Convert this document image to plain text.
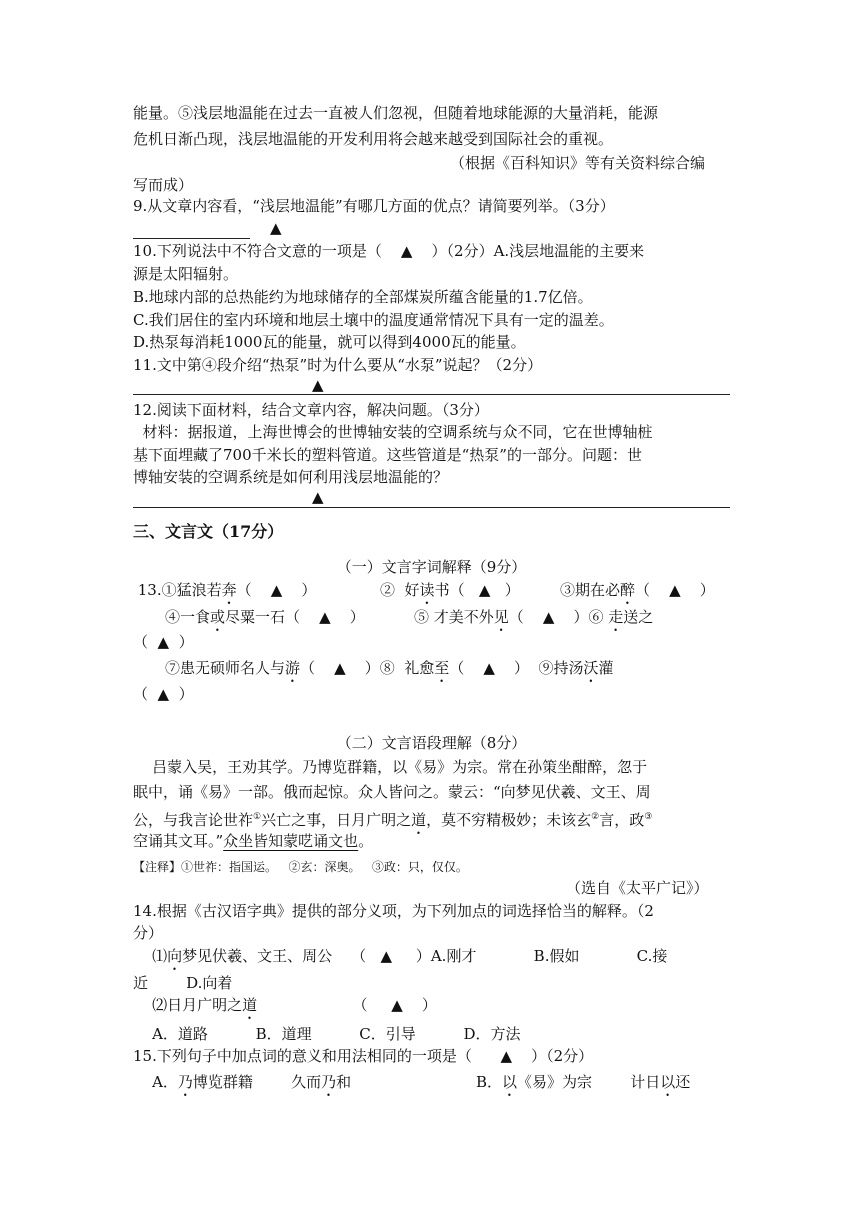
能量。⑤浅层地温能在过去一直被人们忽视，但随着地球能源的大量消耗，能源
危机日渐凸现，浅层地温能的开发利用将会越来越受到国际社会的重视。
（根据《百科知识》等有关资料综合编
写而成）
9.从文章内容看，“浅层地温能”有哪几方面的优点？请简要列举。（3分）
▲
10.下列说法中不符合文意的一项是（    ▲    ）（2分）A.浅层地温能的主要来
源是太阳辐射。
B.地球内部的总热能约为地球储存的全部煤炭所蕴含能量的1.7亿倍。
C.我们居住的室内环境和地层土壤中的温度通常情况下具有一定的温差。
D.热泵每消耗1000瓦的能量，就可以得到4000瓦的能量。
11.文中第④段介绍“热泵”时为什么要从“水泵”说起？（2分）
▲
12.阅读下面材料，结合文章内容，解决问题。（3分）
材料：据报道，上海世博会的世博轴安装的空调系统与众不同，它在世博轴桩
基下面埋藏了700千米长的塑料管道。这些管道是“热泵”的一部分。问题：世
博轴安装的空调系统是如何利用浅层地温能的？
▲
三、文言文（17分）
（一）文言字词解释（9分）
13.①猛浪若奔（    ▲    ）	②  好读书（   ▲   ）	③期在必醉（    ▲    ）
④一食或尽粟一石（    ▲    ）	⑤ 才美不外见（    ▲    ）⑥ 走送之
（  ▲  ）
⑦患无硕师名人与游（    ▲    ）⑧  礼愈至（    ▲    ）  ⑨持汤沃灌
（  ▲  ）
（二）文言语段理解（8分）
吕蒙入吴，王劝其学。乃博览群籍，以《易》为宗。常在孙策坐酣醉，忽于
眠中，诵《易》一部。俄而起惊。众人皆问之。蒙云：“向梦见伏羲、文王、周
公，与我言论世祚①兴亡之事，日月广明之道，莫不穷精极妙；未该玄②言，政③
空诵其文耳。”众坐皆知蒙呓诵文也。
【注释】①世祚：指国运。   ②玄：深奥。   ③政：只，仅仅。
（选自《太平广记》）
14.根据《古汉语字典》提供的部分义项，为下列加点的词选择恰当的解释。（2
分）
⑴向梦见伏羲、文王、周公    （   ▲     ）A.刚才            B.假如            C.接
近        D.向着
⑵日月广明之道                    （     ▲    ）
A．道路          B．道理          C．引导          D．方法
15.下列句子中加点词的意义和用法相同的一项是（      ▲    ）（2分）
A．乃博览群籍        久而乃和	B．以《易》为宗        计日以还
